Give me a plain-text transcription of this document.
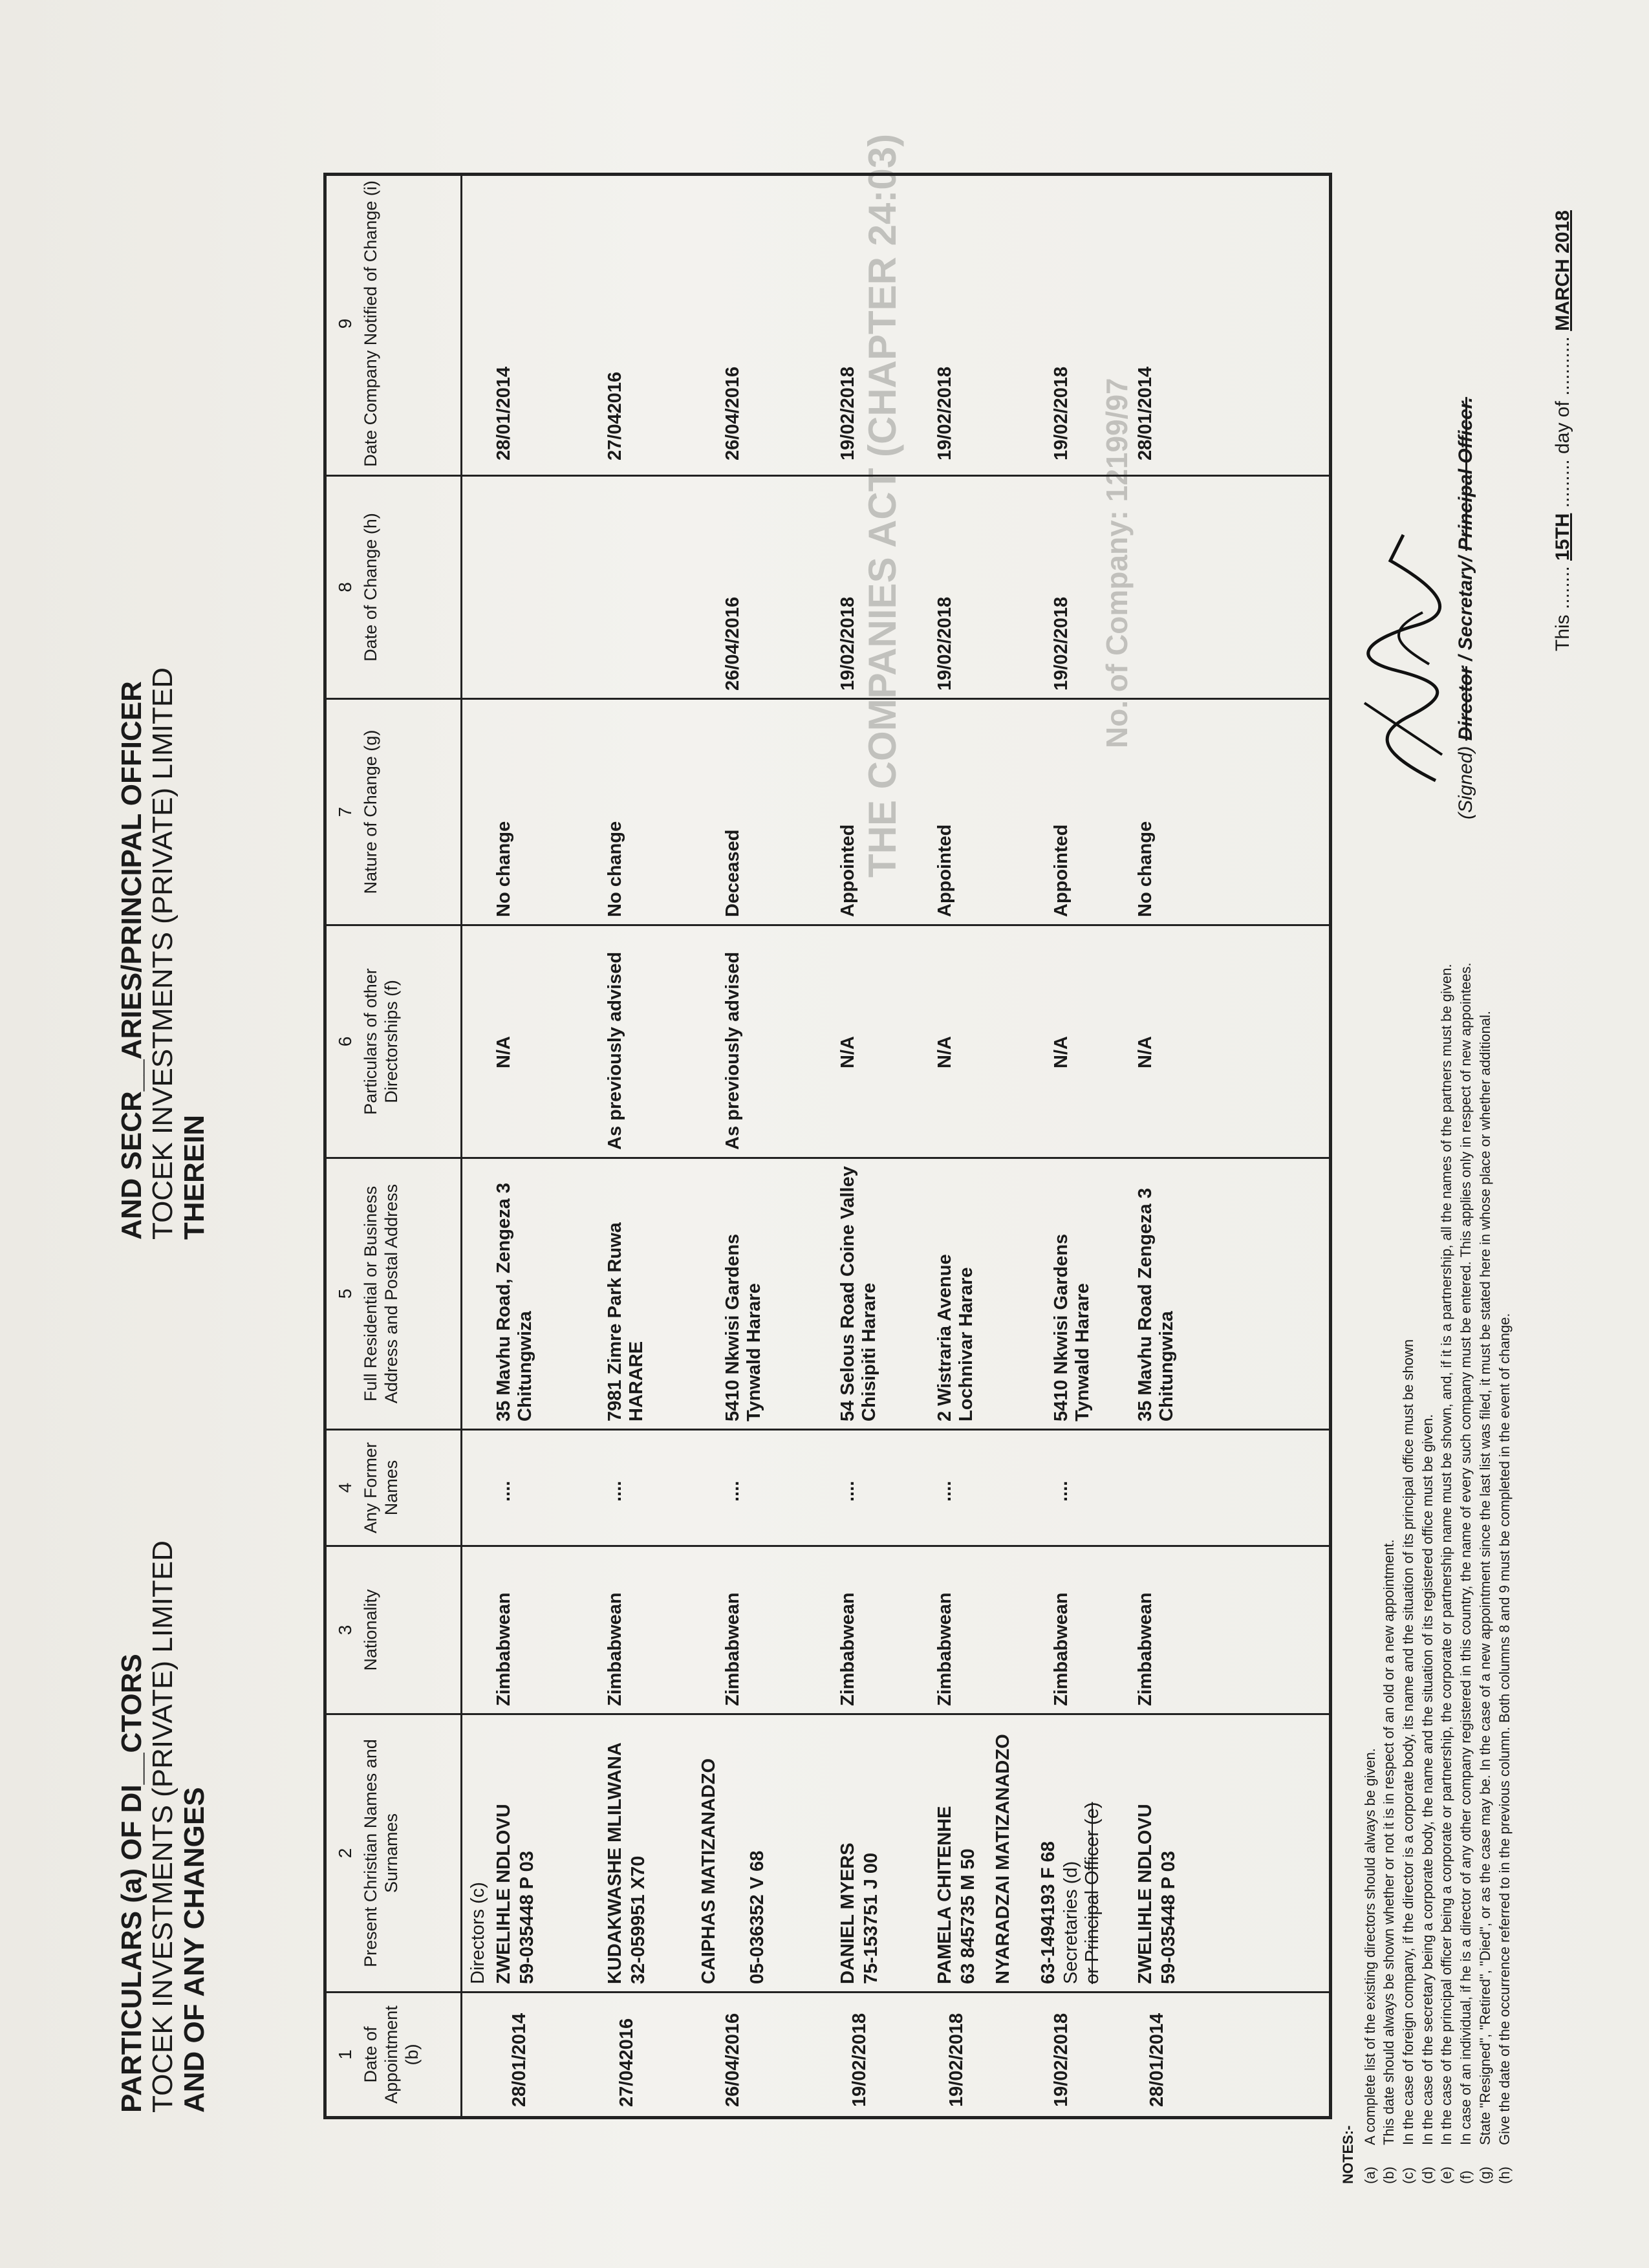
THE COMPANIES ACT (CHAPTER 24:03)	No. of Company: 12199/97
PARTICULARS (a) OF DI__CTORS TOCEK INVESTMENTS (PRIVATE) LIMITED AND OF ANY CHANGES
AND SECR__ARIES/PRINCIPAL OFFICER TOCEK INVESTMENTS (PRIVATE) LIMITED THEREIN
1 Date of Appointment (b)
2 Present Christian Names and Surnames
3 Nationality
4 Any Former Names
5 Full Residential or Business Address and Postal Address
6 Particulars of other Directorships (f)
7 Nature of Change (g)
8 Date of Change (h)
9 Date Company Notified of Change (i)
Directors (c)	Secretaries (d) or Principal Officer (e)
ZWELIHLE NDLOVU 59-035448 P 03
28/01/2014
Zimbabwean
....
35 Mavhu Road, Zengeza 3 Chitungwiza
N/A
No change
28/01/2014
KUDAKWASHE MLILWANA 32-059951 X70
27/042016
Zimbabwean
....
7981 Zimre Park Ruwa HARARE
As previously advised
No change
27/042016
CAIPHAS MATIZANADZO 05-036352 V 68
26/04/2016
Zimbabwean
....
5410 Nkwisi Gardens Tynwald Harare
As previously advised
Deceased
26/04/2016
26/04/2016
DANIEL MYERS 75-153751 J 00
19/02/2018
Zimbabwean
....
54 Selous Road Coine Valley Chisipiti Harare
N/A
Appointed
19/02/2018
19/02/2018
PAMELA CHITENHE 63 845735 M 50
19/02/2018
Zimbabwean
....
2 Wistraria Avenue Lochnivar Harare
N/A
Appointed
19/02/2018
19/02/2018
NYARADZAI MATIZANADZO 63-1494193 F 68
19/02/2018
Zimbabwean
....
5410 Nkwisi Gardens Tynwald Harare
N/A
Appointed
19/02/2018
19/02/2018
ZWELIHLE NDLOVU 59-035448 P 03
28/01/2014
Zimbabwean
35 Mavhu Road Zengeza 3 Chitungwiza
N/A
No change
28/01/2014
(Signed) Director / Secretary/ Principal Officer.
This ........ 15TH ......... day of ........... MARCH 2018
NOTES:- (a)
A complete list of the existing directors should always be given.
(b)
This date should always be shown whether or not it is in respect of an old or a new appointment.
(c)
In the case of foreign company, if the director is a corporate body, its name and the situation of its principal office must be shown
(d)
In the case of the secretary being a corporate body, the name and the situation of its registered office must be given.
(e)
In the case of the principal officer being a corporate or partnership, the corporate or partnership name must be shown, and, if it is a partnership, all the names of the partners must be given.
(f)
In case of an individual, if he is a director of any other company registered in this country, the name of every such company must be entered. This applies only in respect of new appointees.
(g)
State "Resigned", "Retired", "Died", or as the case may be. In the case of a new appointment since the last list was filed, it must be stated here in whose place or whether additional.
(h)
Give the date of the occurrence referred to in the previous column. Both columns 8 and 9 must be completed in the event of change.
